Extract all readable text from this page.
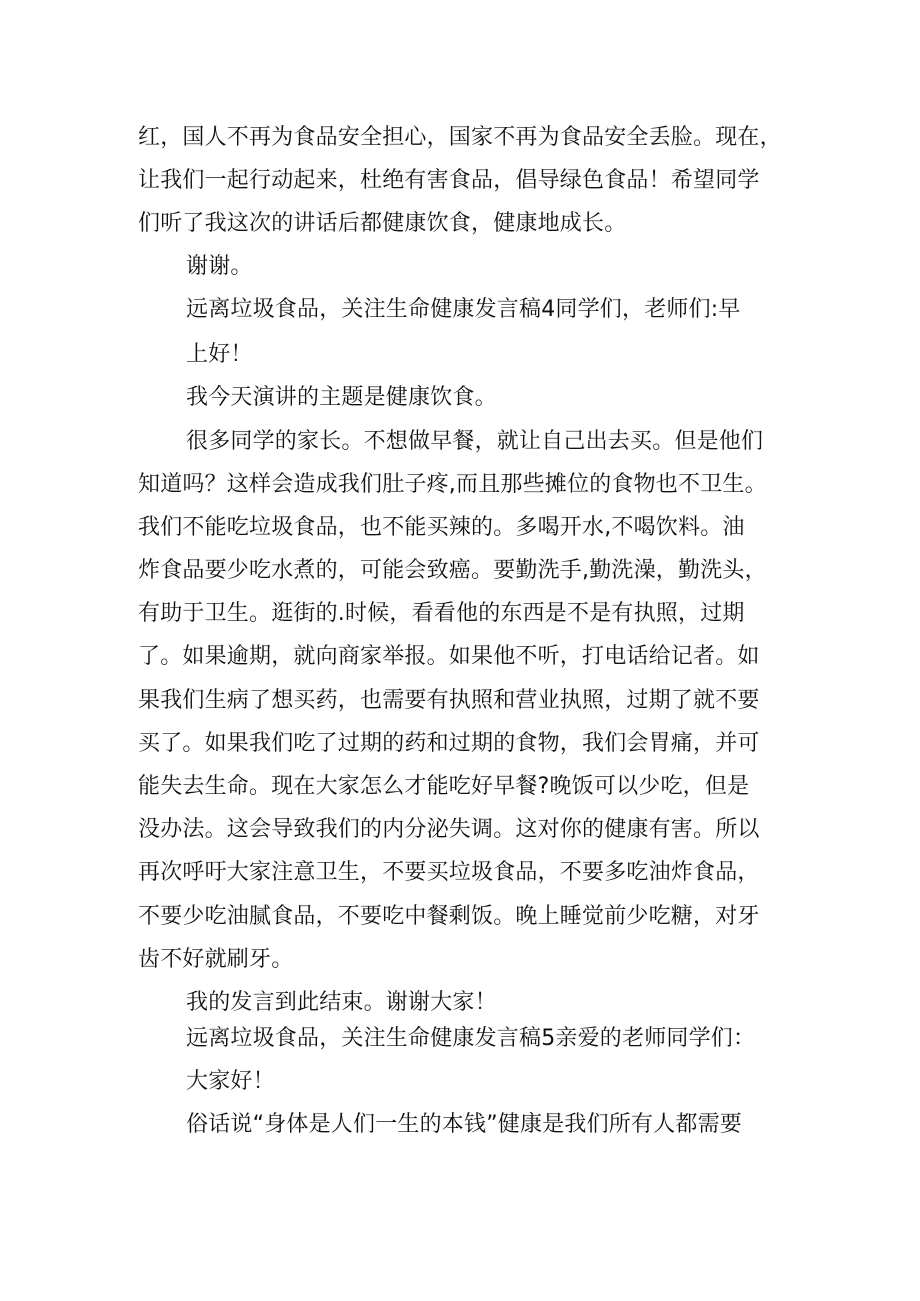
红，国人不再为食品安全担心，国家不再为食品安全丢脸。现在，
让我们一起行动起来，杜绝有害食品，倡导绿色食品！希望同学
们听了我这次的讲话后都健康饮食，健康地成长。
谢谢。
远离垃圾食品，关注生命健康发言稿4同学们，老师们:早
上好！
我今天演讲的主题是健康饮食。
很多同学的家长。不想做早餐，就让自己出去买。但是他们
知道吗？这样会造成我们肚子疼,而且那些摊位的食物也不卫生。
我们不能吃垃圾食品，也不能买辣的。多喝开水,不喝饮料。油
炸食品要少吃水煮的，可能会致癌。要勤洗手,勤洗澡，勤洗头，
有助于卫生。逛街的.时候，看看他的东西是不是有执照，过期
了。如果逾期，就向商家举报。如果他不听，打电话给记者。如
果我们生病了想买药，也需要有执照和营业执照，过期了就不要
买了。如果我们吃了过期的药和过期的食物，我们会胃痛，并可
能失去生命。现在大家怎么才能吃好早餐?晚饭可以少吃，但是
没办法。这会导致我们的内分泌失调。这对你的健康有害。所以
再次呼吁大家注意卫生，不要买垃圾食品，不要多吃油炸食品，
不要少吃油腻食品，不要吃中餐剩饭。晚上睡觉前少吃糖，对牙
齿不好就刷牙。
我的发言到此结束。谢谢大家！
远离垃圾食品，关注生命健康发言稿5亲爱的老师同学们：
大家好！
俗话说“身体是人们一生的本钱”健康是我们所有人都需要
